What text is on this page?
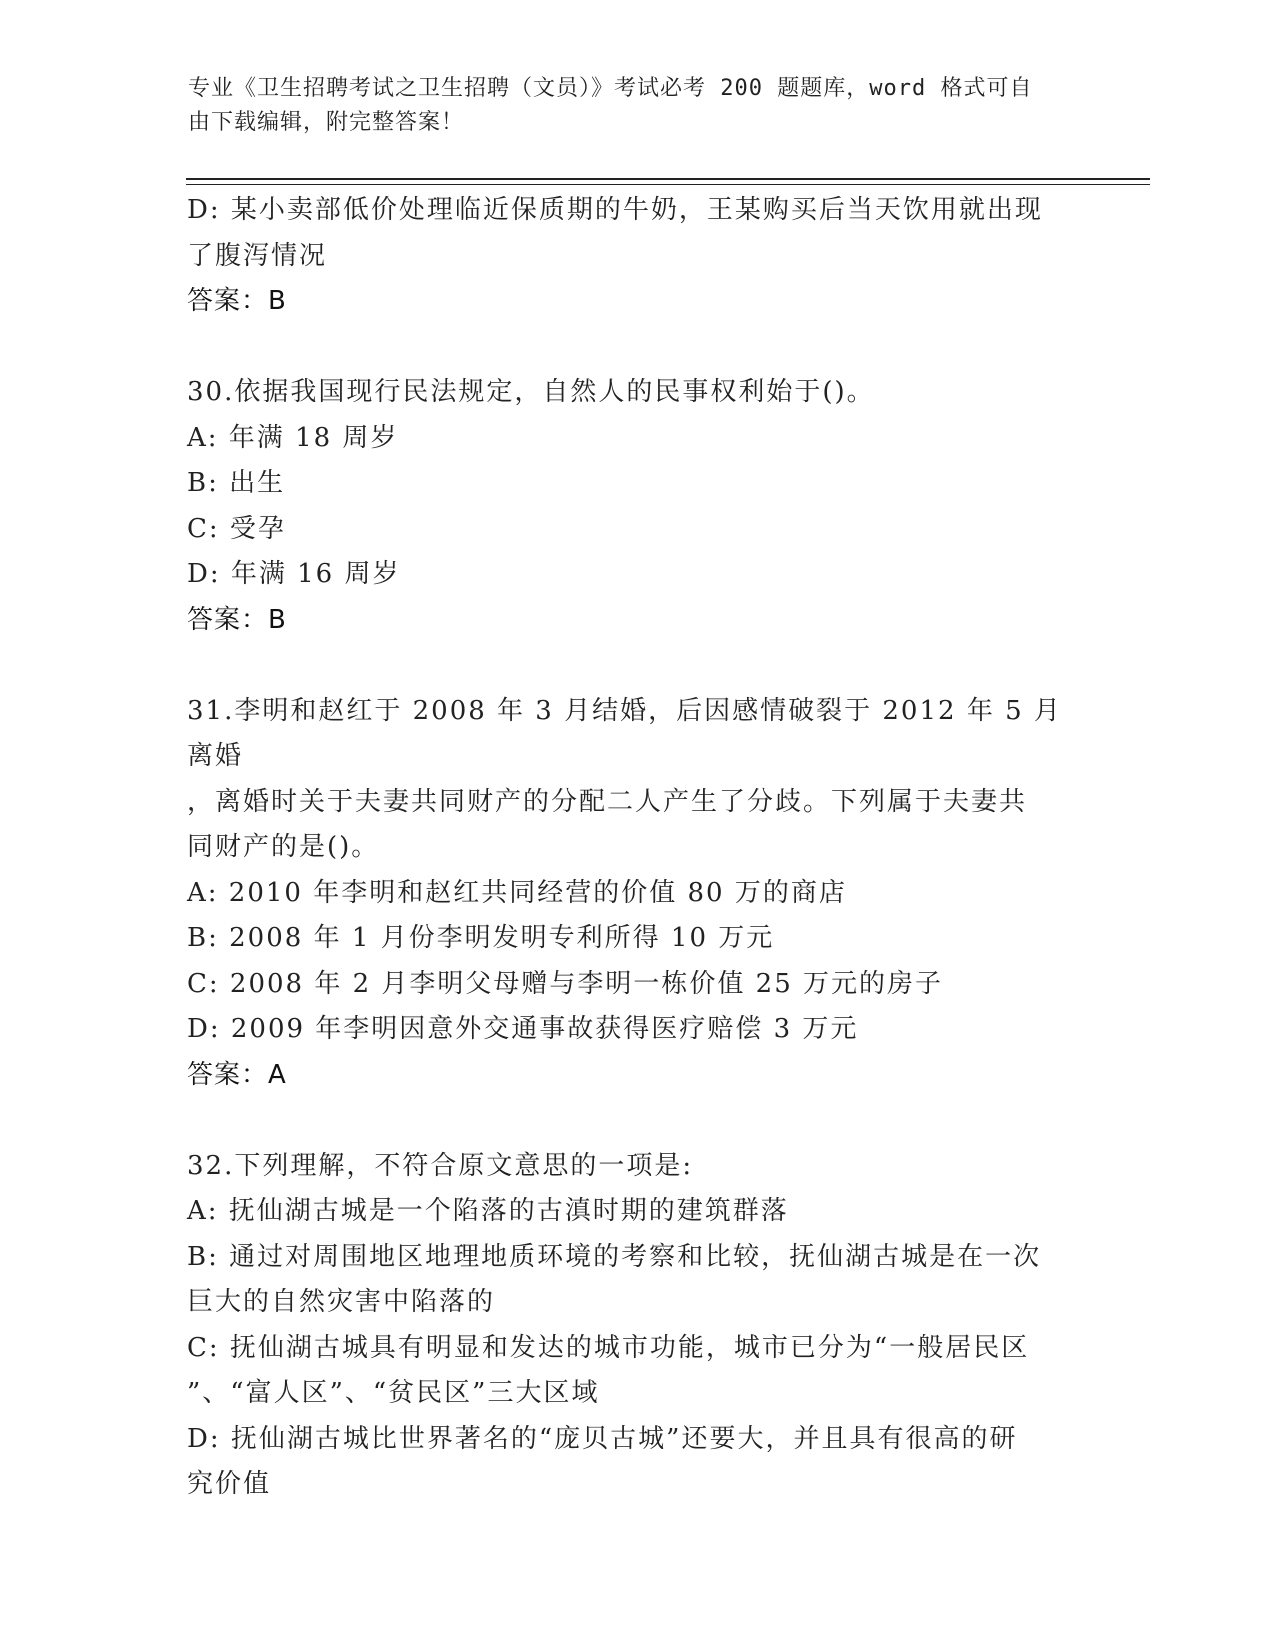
专业《卫生招聘考试之卫生招聘（文员）》考试必考 200 题题库，word 格式可自
由下载编辑，附完整答案！

D: 某小卖部低价处理临近保质期的牛奶，王某购买后当天饮用就出现

了腹泻情况

答案：B

30.依据我国现行民法规定，自然人的民事权利始于()。

A: 年满 18 周岁

B: 出生

C: 受孕

D: 年满 16 周岁

答案：B

31.李明和赵红于 2008 年 3 月结婚，后因感情破裂于 2012 年 5 月离婚

，离婚时关于夫妻共同财产的分配二人产生了分歧。下列属于夫妻共

同财产的是()。

A: 2010 年李明和赵红共同经营的价值 80 万的商店

B: 2008 年 1 月份李明发明专利所得 10 万元

C: 2008 年 2 月李明父母赠与李明一栋价值 25 万元的房子

D: 2009 年李明因意外交通事故获得医疗赔偿 3 万元

答案：A

32.下列理解，不符合原文意思的一项是:

A: 抚仙湖古城是一个陷落的古滇时期的建筑群落

B: 通过对周围地区地理地质环境的考察和比较，抚仙湖古城是在一次

巨大的自然灾害中陷落的

C: 抚仙湖古城具有明显和发达的城市功能，城市已分为“一般居民区

”、“富人区”、“贫民区”三大区域

D: 抚仙湖古城比世界著名的“庞贝古城”还要大，并且具有很高的研

究价值
